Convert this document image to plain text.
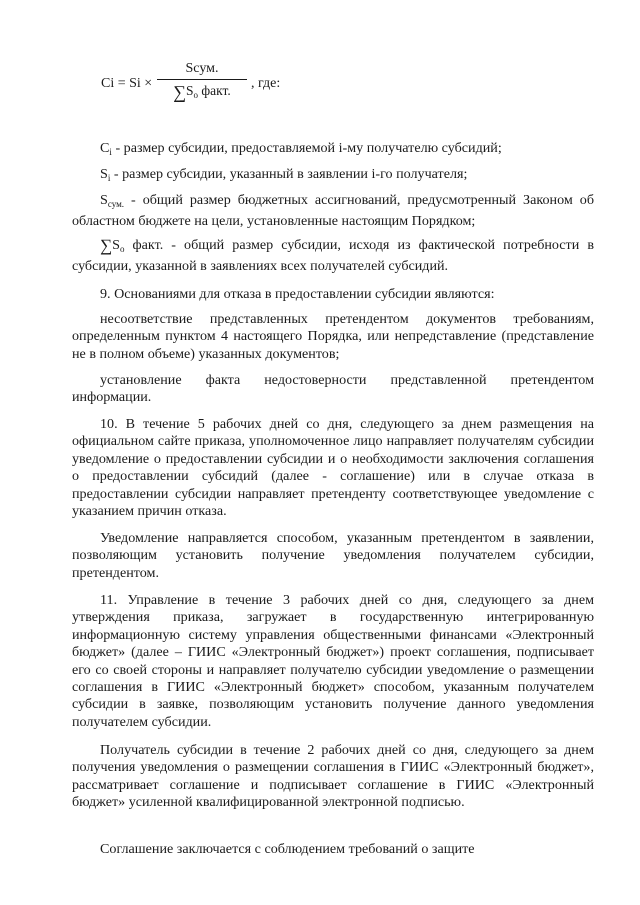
Ci = Si ×
Sсум.
$\sum S_o$ факт.	, где:

$C_i$ - размер субсидии, предоставляемой i-му получателю субсидий;

$S_i$ - размер субсидии, указанный в заявлении i-го получателя;

$S_{сум.}$ - общий размер бюджетных ассигнований, предусмотренный Законом об областном бюджете на цели, установленные настоящим Порядком;

$\sum S_o$ факт. - общий размер субсидии, исходя из фактической потребности в субсидии, указанной в заявлениях всех получателей субсидий.

9. Основаниями для отказа в предоставлении субсидии являются:

несоответствие представленных претендентом документов требованиям, определенным пунктом 4 настоящего Порядка, или непредставление (представление не в полном объеме) указанных документов;

установление факта недостоверности представленной претендентом информации.

10. В течение 5 рабочих дней со дня, следующего за днем размещения на официальном сайте приказа, уполномоченное лицо направляет получателям субсидии уведомление о предоставлении субсидии и о необходимости заключения соглашения о предоставлении субсидий (далее - соглашение) или в случае отказа в предоставлении субсидии направляет претенденту соответствующее уведомление с указанием причин отказа.

Уведомление направляется способом, указанным претендентом в заявлении, позволяющим установить получение уведомления получателем субсидии, претендентом.

11. Управление в течение 3 рабочих дней со дня, следующего за днем утверждения приказа, загружает в государственную интегрированную информационную систему управления общественными финансами «Электронный бюджет» (далее – ГИИС «Электронный бюджет») проект соглашения, подписывает его со своей стороны и направляет получателю субсидии уведомление о размещении соглашения в ГИИС «Электронный бюджет» способом, указанным получателем субсидии в заявке, позволяющим установить получение данного уведомления получателем субсидии.

Получатель субсидии в течение 2 рабочих дней со дня, следующего за днем получения уведомления о размещении соглашения в ГИИС «Электронный бюджет», рассматривает соглашение и подписывает соглашение в ГИИС «Электронный бюджет» усиленной квалифицированной электронной подписью.

Соглашение заключается с соблюдением требований о защите
